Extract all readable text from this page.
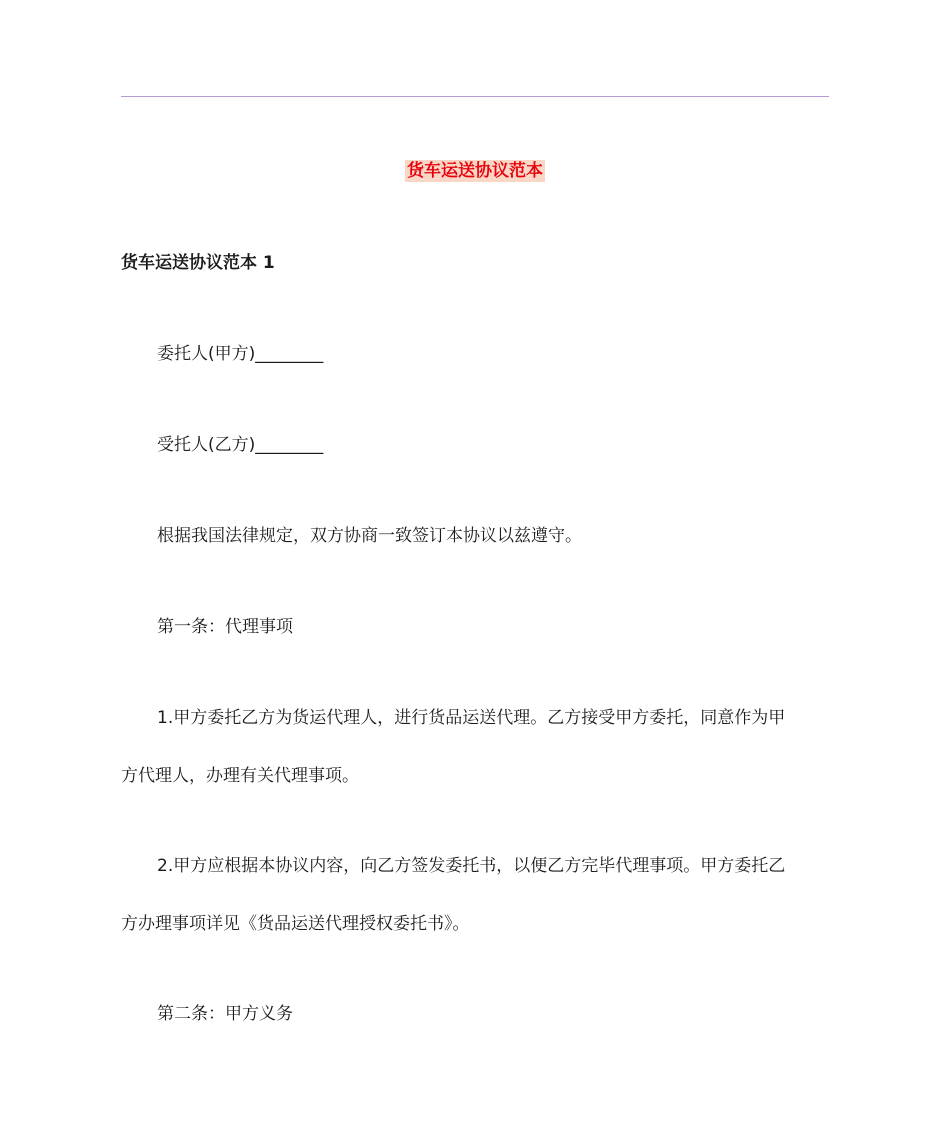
货车运送协议范本
货车运送协议范本 1
委托人(甲方)________
受托人(乙方)________
根据我国法律规定，双方协商一致签订本协议以兹遵守。
第一条：代理事项
1.甲方委托乙方为货运代理人，进行货品运送代理。乙方接受甲方委托，同意作为甲
方代理人，办理有关代理事项。
2.甲方应根据本协议内容，向乙方签发委托书，以便乙方完毕代理事项。甲方委托乙
方办理事项详见《货品运送代理授权委托书》。
第二条：甲方义务
